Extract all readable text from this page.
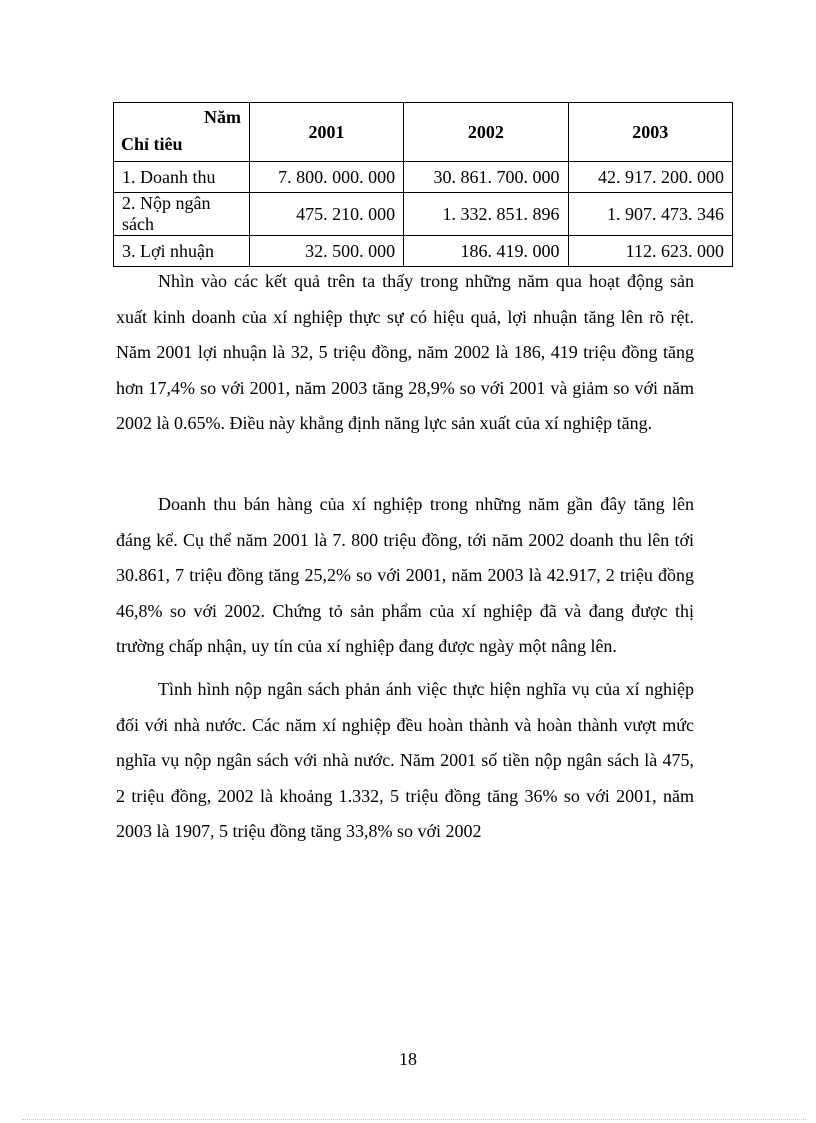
Năm
Chỉ tiêu	2001	2002	2003
1. Doanh thu	7. 800. 000. 000	30. 861. 700. 000	42. 917. 200. 000
2. Nộp ngân sách	475. 210. 000	1. 332. 851. 896	1. 907. 473. 346
3. Lợi nhuận	32. 500. 000	186. 419. 000	112. 623. 000

Nhìn vào các kết quả trên ta thấy trong những năm qua hoạt động sản xuất kinh doanh của xí nghiệp thực sự có hiệu quả, lợi nhuận tăng lên rõ rệt. Năm 2001 lợi nhuận là 32, 5 triệu đồng, năm 2002 là 186, 419 triệu đồng tăng hơn 17,4% so với 2001, năm 2003 tăng 28,9% so với 2001 và giảm so với năm 2002 là 0.65%. Điều này khẳng định năng lực sản xuất của xí nghiệp tăng.

Doanh thu bán hàng của xí nghiệp trong những năm gần đây tăng lên đáng kể. Cụ thể năm 2001 là 7. 800 triệu đồng, tới năm 2002 doanh thu lên tới 30.861, 7 triệu đồng tăng 25,2% so với 2001, năm 2003 là 42.917, 2 triệu đồng 46,8% so với 2002. Chứng tỏ sản phẩm của xí nghiệp đã và đang được thị trường chấp nhận, uy tín của xí nghiệp đang được ngày một nâng lên.

Tình hình nộp ngân sách phản ánh việc thực hiện nghĩa vụ của xí nghiệp đối với nhà nước. Các năm xí nghiệp đều hoàn thành và hoàn thành vượt mức nghĩa vụ nộp ngân sách với nhà nước. Năm 2001 số tiền nộp ngân sách là 475, 2 triệu đồng, 2002 là khoảng 1.332, 5 triệu đồng tăng 36% so với 2001, năm 2003 là 1907, 5 triệu đồng tăng 33,8% so với 2002

18
